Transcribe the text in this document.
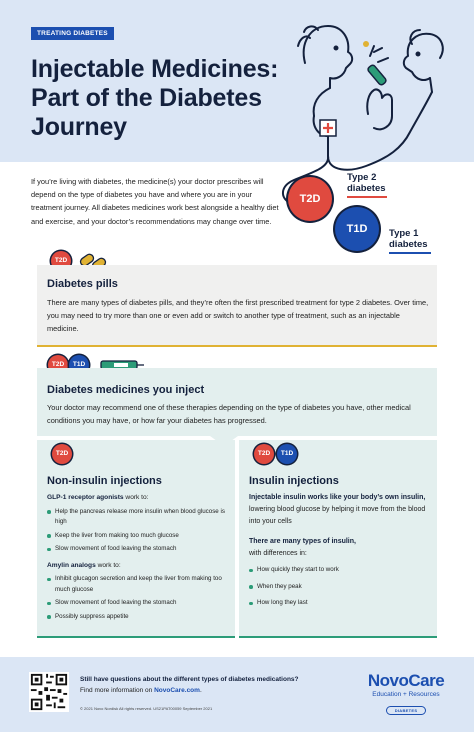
TREATING DIABETES
Injectable Medicines: Part of the Diabetes Journey
If you’re living with diabetes, the medicine(s) your doctor prescribes will depend on the type of diabetes you have and where you are in your treatment journey. All diabetes medicines work best alongside a healthy diet and exercise, and your doctor’s recommendations may change over time.
T2D
T1D
Type 2 diabetes
Type 1 diabetes
T2D
Diabetes pills
There are many types of diabetes pills, and they’re often the first prescribed treatment for type 2 diabetes. Over time, you may need to try more than one or even add or switch to another type of treatment, such as an injectable medicine.
T2D	T1D
Diabetes medicines you inject
Your doctor may recommend one of these therapies depending on the type of diabetes you have, other medical conditions you may have, or how far your diabetes has progressed.
T2D
Non-insulin injections
GLP-1 receptor agonists work to:
Help the pancreas release more insulin when blood glucose is high
Keep the liver from making too much glucose
Slow movement of food leaving the stomach
Amylin analogs work to:
Inhibit glucagon secretion and keep the liver from making too much glucose
Slow movement of food leaving the stomach
Possibly suppress appetite
T2D	T1D
Insulin injections
Injectable insulin works like your body’s own insulin, lowering blood glucose by helping it move from the blood into your cells
There are many types of insulin,
with differences in:
How quickly they start to work
When they peak
How long they last
Still have questions about the different types of diabetes medications?
Find more information on NovoCare.com.
© 2021 Novo Nordisk All rights reserved. US21PAT00059 September 2021
NovoCare
Education + Resources
DIABETES
